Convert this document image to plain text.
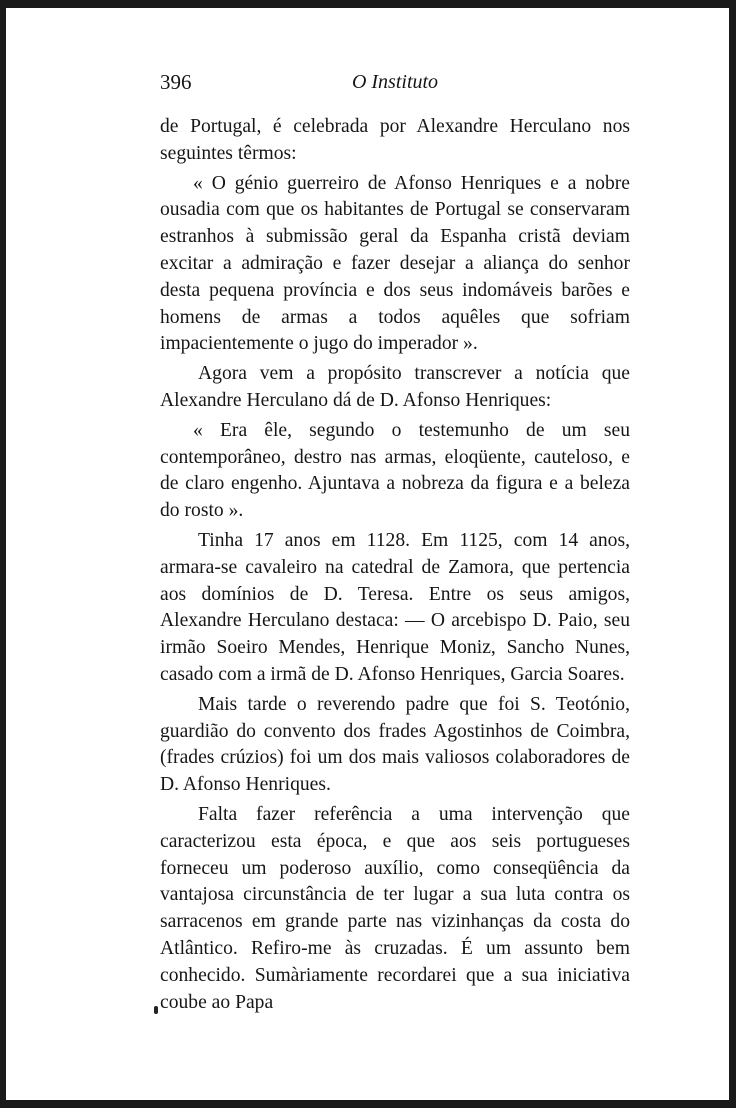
396	O Instituto

de Portugal, é celebrada por Alexandre Herculano nos seguintes têrmos:

« O génio guerreiro de Afonso Henriques e a nobre ousadia com que os habitantes de Portugal se conservaram estranhos à submissão geral da Espanha cristã deviam excitar a admiração e fazer desejar a aliança do senhor desta pequena província e dos seus indomáveis barões e homens de armas a todos aquêles que sofriam impacientemente o jugo do imperador ».

Agora vem a propósito transcrever a notícia que Alexandre Herculano dá de D. Afonso Henriques:

« Era êle, segundo o testemunho de um seu contemporâneo, destro nas armas, eloqüente, cauteloso, e de claro engenho. Ajuntava a nobreza da figura e a beleza do rosto ».

Tinha 17 anos em 1128. Em 1125, com 14 anos, armara-se cavaleiro na catedral de Zamora, que pertencia aos domínios de D. Teresa. Entre os seus amigos, Alexandre Herculano destaca: — O arcebispo D. Paio, seu irmão Soeiro Mendes, Henrique Moniz, Sancho Nunes, casado com a irmã de D. Afonso Henriques, Garcia Soares.

Mais tarde o reverendo padre que foi S. Teotónio, guardião do convento dos frades Agostinhos de Coimbra, (frades crúzios) foi um dos mais valiosos colaboradores de D. Afonso Henriques.

Falta fazer referência a uma intervenção que caracterizou esta época, e que aos seis portugueses forneceu um poderoso auxílio, como conseqüência da vantajosa circunstância de ter lugar a sua luta contra os sarracenos em grande parte nas vizinhanças da costa do Atlântico. Refiro-me às cruzadas. É um assunto bem conhecido. Sumàriamente recordarei que a sua iniciativa coube ao Papa
